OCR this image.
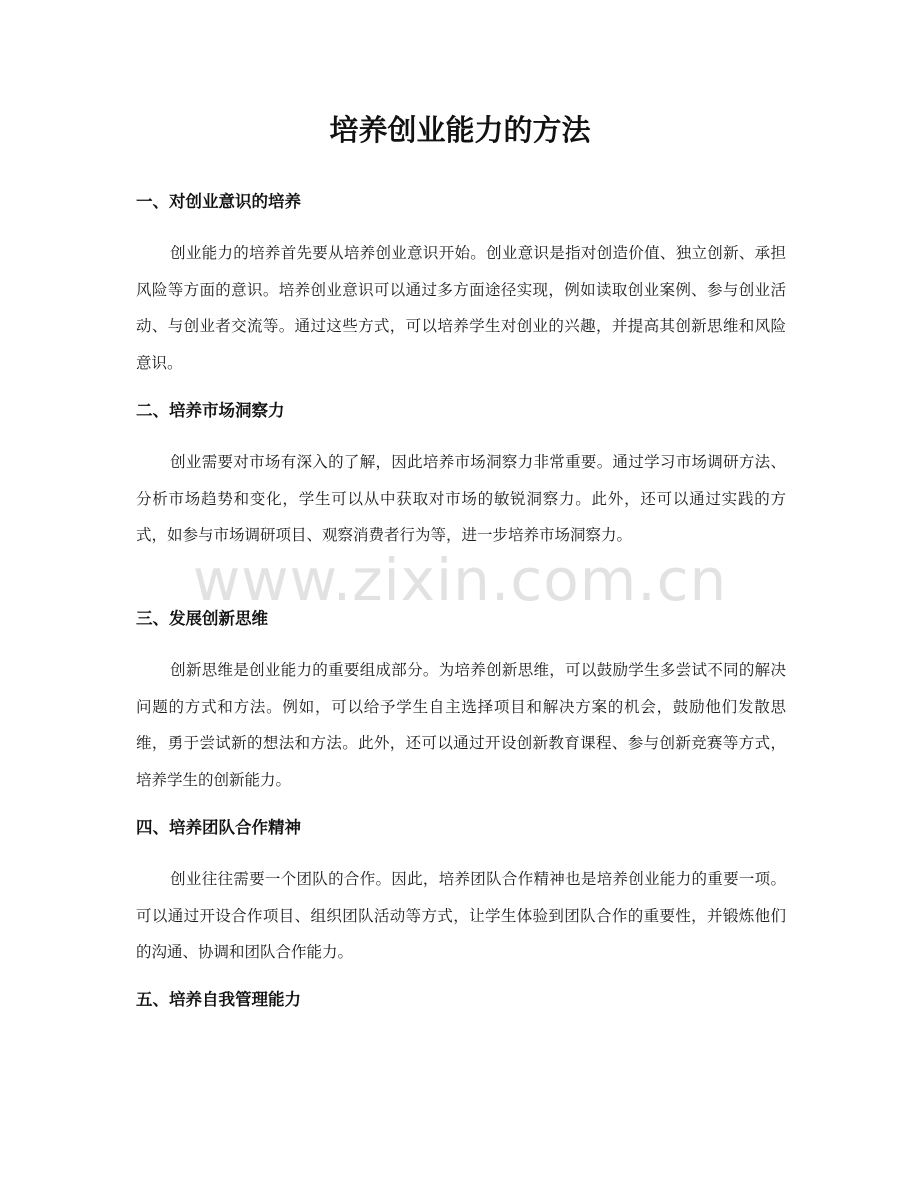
培养创业能力的方法
一、对创业意识的培养

创业能力的培养首先要从培养创业意识开始。创业意识是指对创造价值、独立创新、承担风险等方面的意识。培养创业意识可以通过多方面途径实现，例如读取创业案例、参与创业活动、与创业者交流等。通过这些方式，可以培养学生对创业的兴趣，并提高其创新思维和风险意识。

二、培养市场洞察力

创业需要对市场有深入的了解，因此培养市场洞察力非常重要。通过学习市场调研方法、分析市场趋势和变化，学生可以从中获取对市场的敏锐洞察力。此外，还可以通过实践的方式，如参与市场调研项目、观察消费者行为等，进一步培养市场洞察力。

三、发展创新思维

创新思维是创业能力的重要组成部分。为培养创新思维，可以鼓励学生多尝试不同的解决问题的方式和方法。例如，可以给予学生自主选择项目和解决方案的机会，鼓励他们发散思维，勇于尝试新的想法和方法。此外，还可以通过开设创新教育课程、参与创新竞赛等方式，培养学生的创新能力。

四、培养团队合作精神

创业往往需要一个团队的合作。因此，培养团队合作精神也是培养创业能力的重要一项。可以通过开设合作项目、组织团队活动等方式，让学生体验到团队合作的重要性，并锻炼他们的沟通、协调和团队合作能力。

五、培养自我管理能力
www.zixin.com.cn
